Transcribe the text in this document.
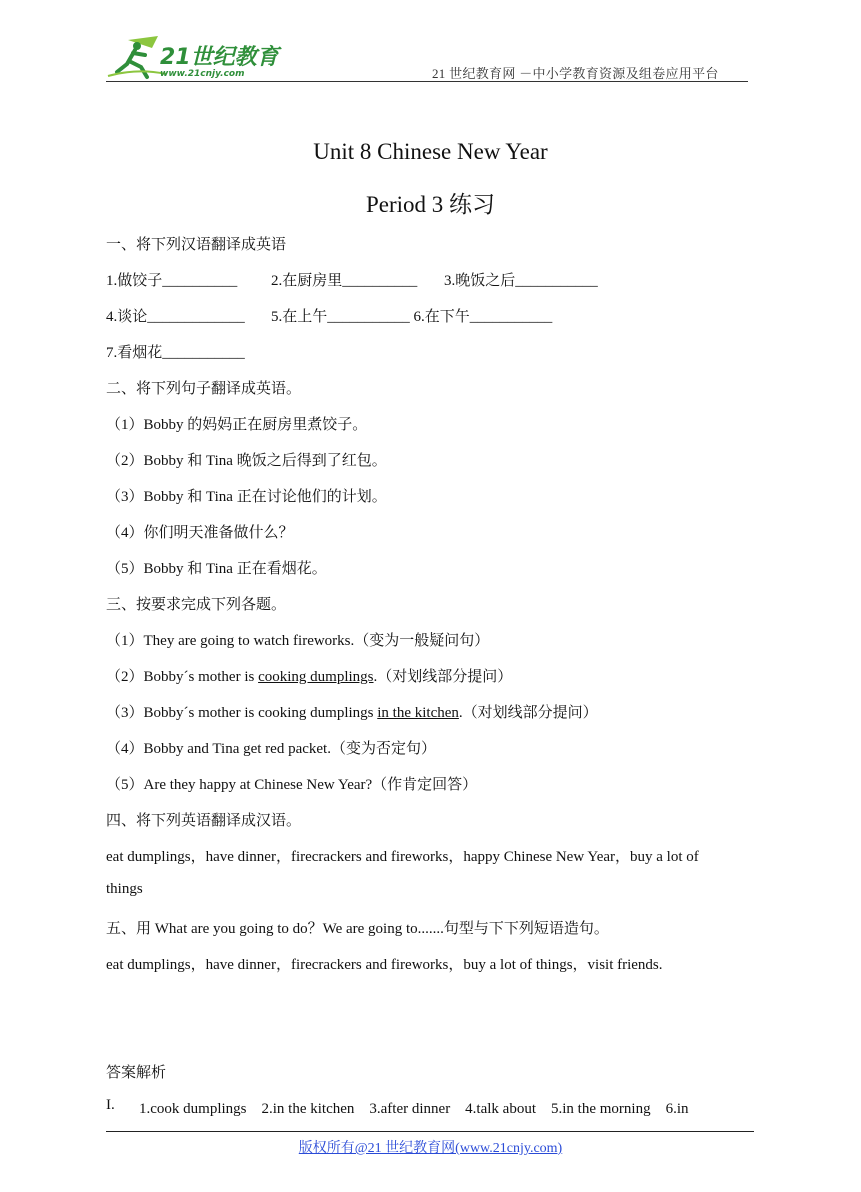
21世纪教育
www.21cnjy.com	21 世纪教育网 －中小学教育资源及组卷应用平台
Unit 8 Chinese New Year
Period 3 练习
一、将下列汉语翻译成英语
1.做饺子__________ 2.在厨房里__________ 3.晚饭之后___________
4.谈论_____________ 5.在上午___________ 6.在下午___________
7.看烟花___________
二、将下列句子翻译成英语。
（1）Bobby 的妈妈正在厨房里煮饺子。
（2）Bobby 和 Tina 晚饭之后得到了红包。
（3）Bobby 和 Tina 正在讨论他们的计划。
（4）你们明天准备做什么？
（5）Bobby 和 Tina 正在看烟花。
三、按要求完成下列各题。
（1）They are going to watch fireworks.（变为一般疑问句）
（2）Bobby´s mother is cooking dumplings.（对划线部分提问）
（3）Bobby´s mother is cooking dumplings in the kitchen.（对划线部分提问）
（4）Bobby and Tina get red packet.（变为否定句）
（5）Are they happy at Chinese New Year?（作肯定回答）
四、将下列英语翻译成汉语。
eat dumplings，have dinner，firecrackers and fireworks，happy Chinese New Year，buy a lot of
things
五、用 What are you going to do？We are going to.......句型与下下列短语造句。
eat dumplings，have dinner，firecrackers and fireworks，buy a lot of things，visit friends.
答案解析
I. 1.cook dumplings　2.in the kitchen　3.after dinner　4.talk about　5.in the morning　6.in
版权所有@21 世纪教育网(www.21cnjy.com)
